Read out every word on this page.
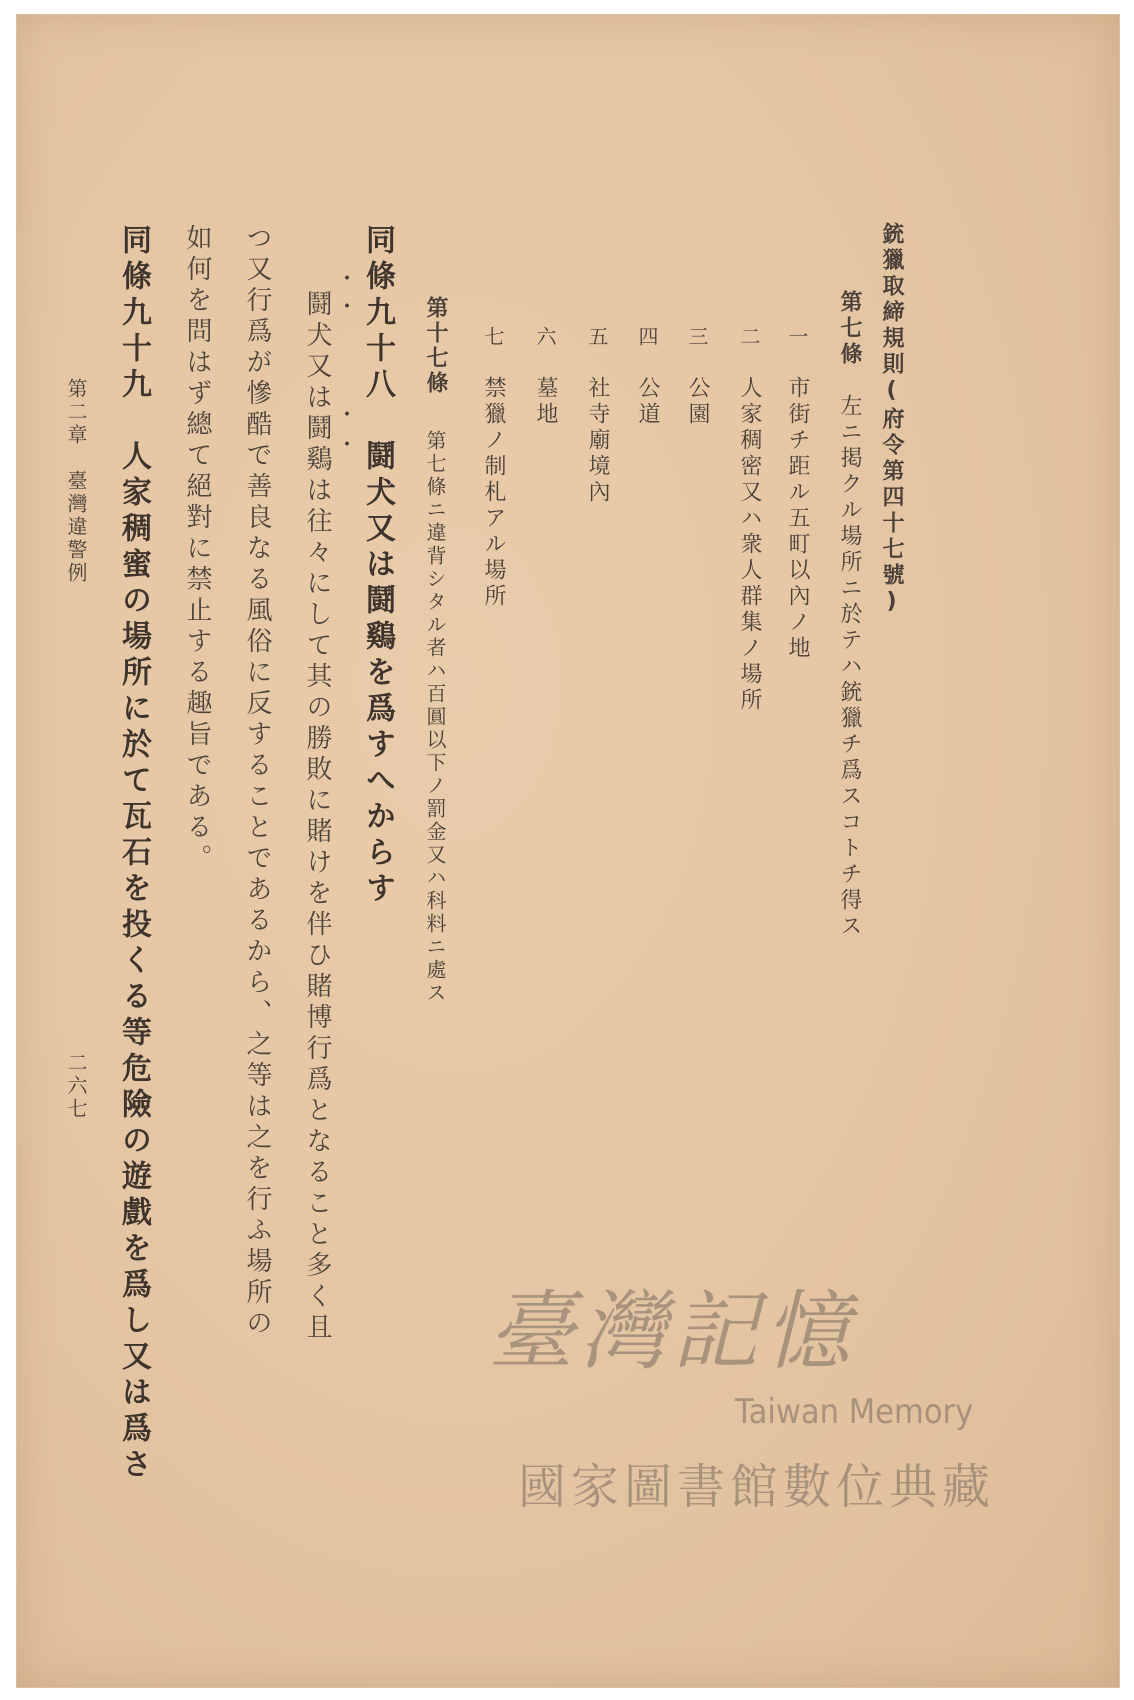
銃獵取締規則(府令第四十七號)
第七條左ニ掲クル場所ニ於テハ銃獵チ爲スコトチ得ス
一市街チ距ル五町以內ノ地
二人家稠密又ハ衆人群集ノ場所
三公園
四公道
五社寺廟境內
六墓地
七禁獵ノ制札アル場所
第十七條第七條ニ違背シタル者ハ百圓以下ノ罰金又ハ科料ニ處ス
同條九十八鬪犬又は鬪鷄を爲すへからす
・
・
・
・
鬪犬又は鬪鷄は往々にして其の勝敗に賭けを伴ひ賭博行爲となること多く且
つ又行爲が慘酷で善良なる風俗に反することであるから、之等は之を行ふ場所の
如何を問はず總て絕對に禁止する趣旨である。
同條九十九人家稠蜜の場所に於て瓦石を投くる等危險の遊戲を爲し又は爲さ
第二章　臺灣違警例
二六七
臺灣記憶
Taiwan Memory
國家圖書館數位典藏
